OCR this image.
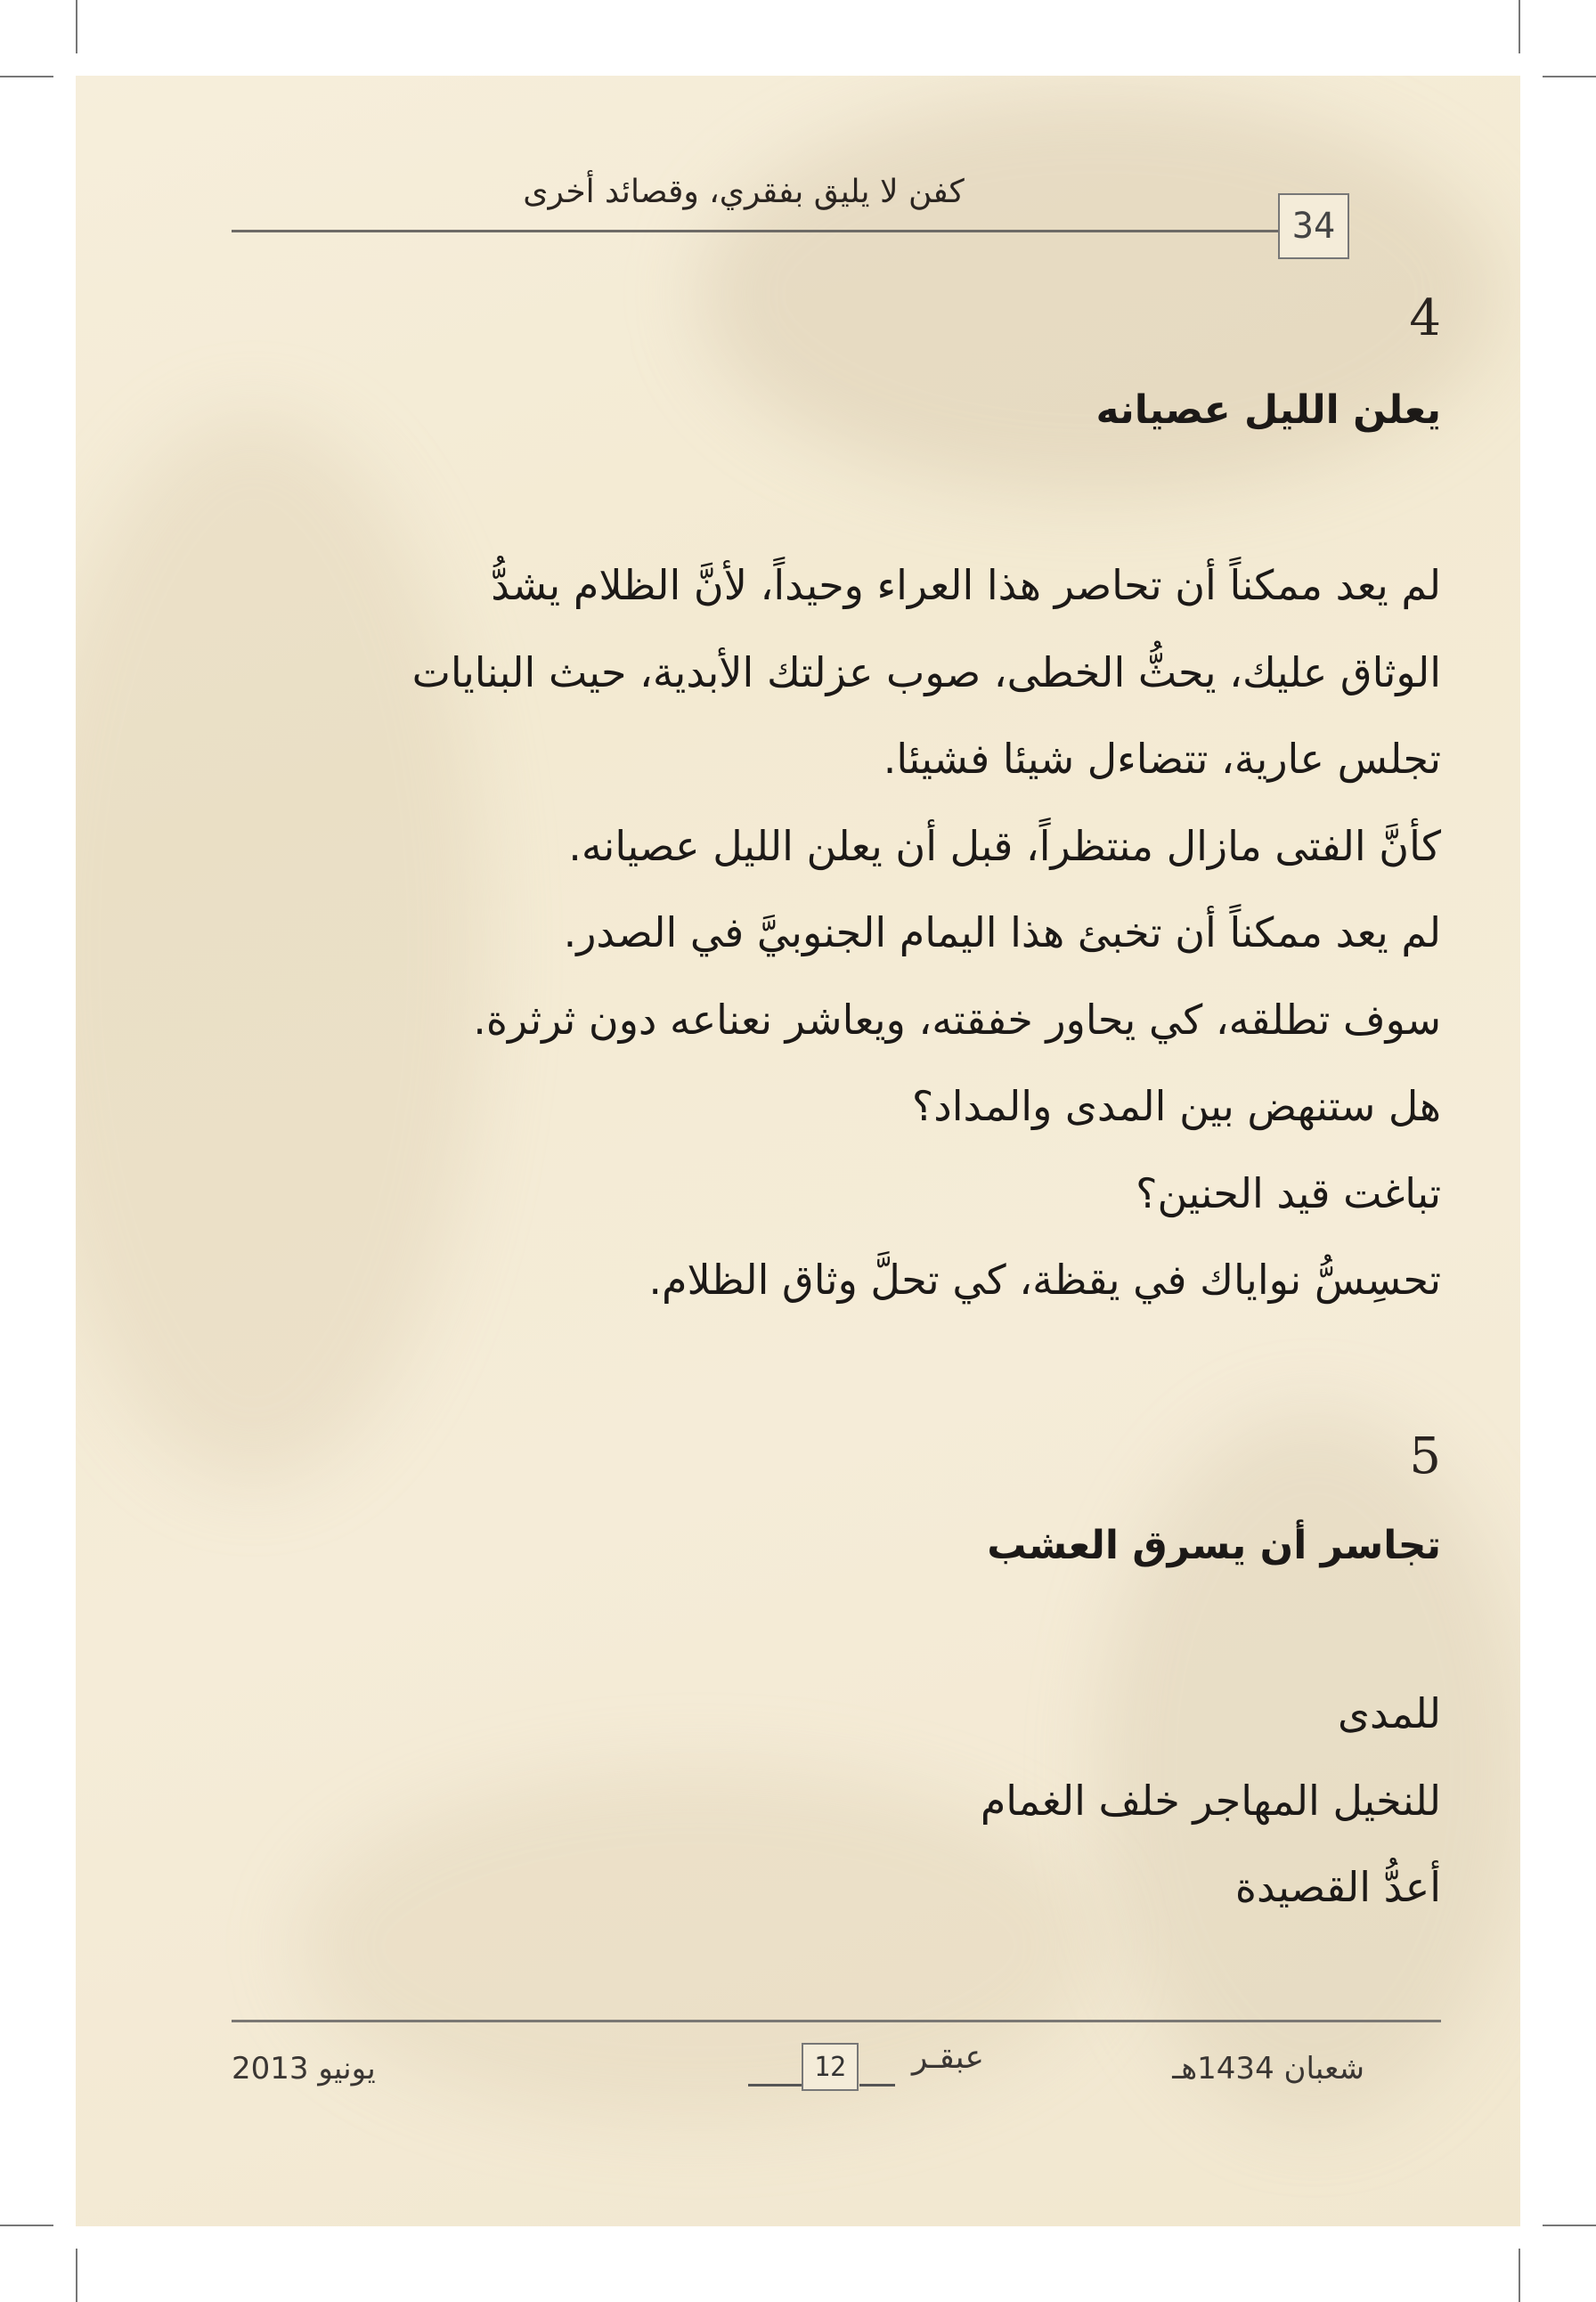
كفن لا يليق بفقري، وقصائد أخرى
34
4
يعلن الليل عصيانه
لم يعد ممكناً أن تحاصر هذا العراء وحيداً، لأنَّ الظلام يشدُّ
الوثاق عليك، يحثُّ الخطى، صوب عزلتك الأبدية، حيث البنايات
تجلس عارية، تتضاءل شيئا فشيئا.
كأنَّ الفتى مازال منتظراً، قبل أن يعلن الليل عصيانه.
لم يعد ممكناً أن تخبئ هذا اليمام الجنوبيَّ في الصدر.
سوف تطلقه، كي يحاور خفقته، ويعاشر نعناعه دون ثرثرة.
هل ستنهض بين المدى والمداد؟
تباغت قيد الحنين؟
تحسِسُّ نواياك في يقظة، كي تحلَّ وثاق الظلام.
5
تجاسر أن يسرق العشب
للمدى
للنخيل المهاجر خلف الغمام
أعدُّ القصيدة
شعبان 1434هـ
يونيو 2013	عبقـر
12
